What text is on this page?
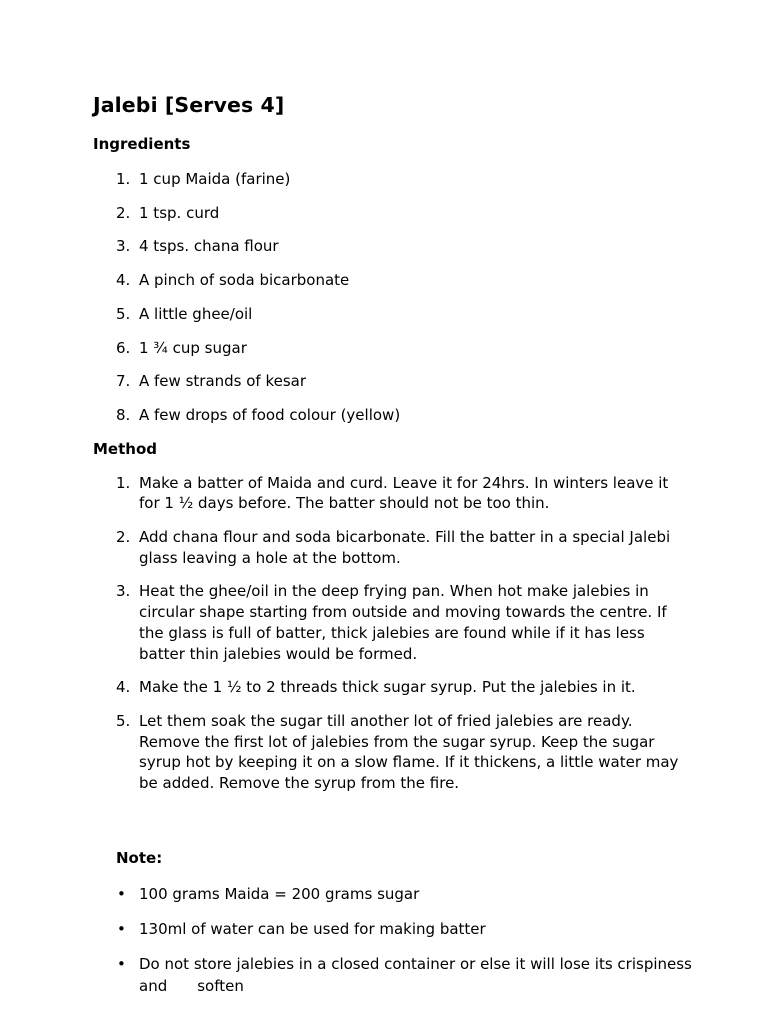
Jalebi [Serves 4]
Ingredients
1. 1 cup Maida (farine)
2. 1 tsp. curd
3. 4 tsps. chana flour
4. A pinch of soda bicarbonate
5. A little ghee/oil
6. 1 ¾ cup sugar
7. A few strands of kesar
8. A few drops of food colour (yellow)
Method
1. Make a batter of Maida and curd. Leave it for 24hrs. In winters leave it for 1 ½ days before. The batter should not be too thin.
2. Add chana flour and soda bicarbonate. Fill the batter in a special Jalebi glass leaving a hole at the bottom.
3. Heat the ghee/oil in the deep frying pan. When hot make jalebies in circular shape starting from outside and moving towards the centre. If the glass is full of batter, thick jalebies are found while if it has less batter thin jalebies would be formed.
4. Make the 1 ½ to 2 threads thick sugar syrup. Put the jalebies in it.
5. Let them soak the sugar till another lot of fried jalebies are ready. Remove the first lot of jalebies from the sugar syrup. Keep the sugar syrup hot by keeping it on a slow flame. If it thickens, a little water may be added. Remove the syrup from the fire.
Note:
• 100 grams Maida = 200 grams sugar
• 130ml of water can be used for making batter
• Do not store jalebies in a closed container or else it will lose its crispiness and soften
